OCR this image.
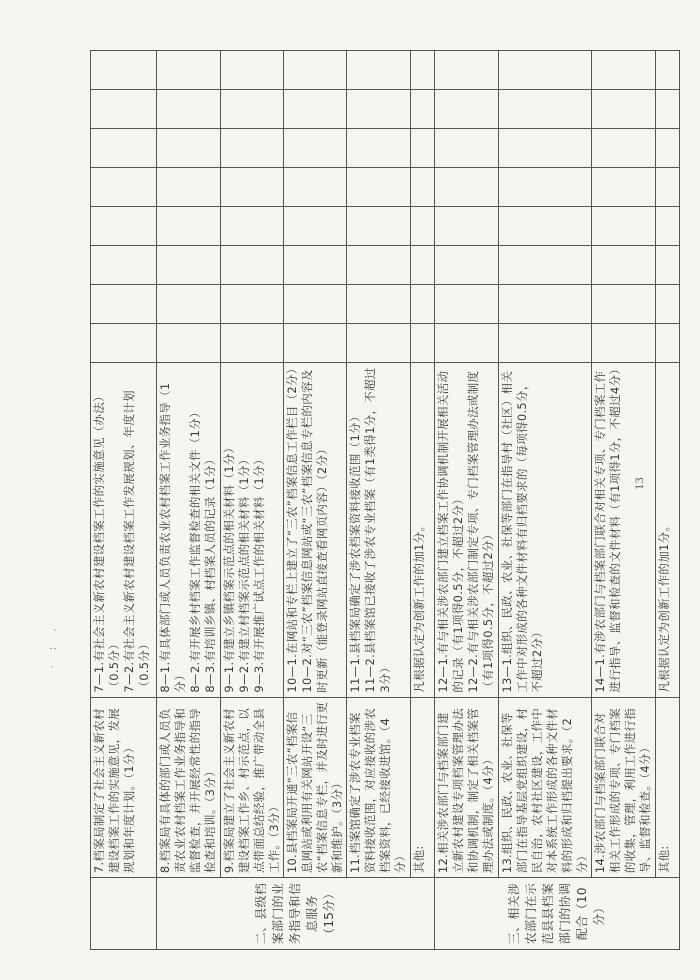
	7.档案局制定了社会主义新农村建设档案工作的实施意见，发展规划和年度计划。（1分）	7—1.有社会主义新农村建设档案工作的实施意见（办法）（0.5分） 7—2.有社会主义新农村建设档案工作发展规划、年度计划（0.5分）								

二、县级档案部门的业务指导和信息服务（15分）	8.档案局有具体的部门或人员负责农业农村档案工作业务指导和监督检查，并开展经常性的指导检查和培训。（3分）	8—1.有具体部门或人员负责农业农村档案工作业务指导（1分） 8—2.有开展乡村档案工作监督检查的相关文件（1分） 8—3.有培训乡镇、村档案人员的记录（1分）								

	9.档案局建立了社会主义新农村建设档案工作乡、村示范点，以点带面总结经验，推广带动全县工作。（3分）	9—1.有建立乡镇档案示范点的相关材料（1分） 9—2.有建立村档案示范点的相关材料（1分） 9—3.有开展推广试点工作的相关材料（1分）								

	10.县档案局开通“三农”档案信息网站或利用有关网站开设“三农”档案信息专栏，并及时进行更新和维护。（3分）	10—1.在网站和专栏上建立了“三农”档案信息工作栏目（2分） 10—2.对“三农”档案信息网站或“三农”档案信息专栏的内容及时更新（能登录网站直接查看网页内容）（2分）								

	11.档案馆确定了涉农专业档案资料接收范围，对应接收的涉农档案资料，已经接收进馆。（4分）	11—1.县档案局确定了涉农档案资料接收范围（1分） 11—2.县档案馆已接收了涉农专业档案（有1类得1分，不超过3分）								

	其他:	凡根据认定为创新工作的加1分。								
三、相关涉农部门在示范县县档案部门的协调配合（10分）	12.相关涉农部门与档案部门建立新农村建设专项档案管理办法和协调机制，制定了相关档案管理办法或制度。（4分）	12—1.有与相关涉农部门建立档案工作协调机制开展相关活动的记录（有1项得0.5分，不超过2分） 12—2.有与相关涉农部门制定专项、专门档案管理办法或制度（有1项得0.5分，不超过2分）								

	13.组织、民政、农业、社保等部门在指导基层党组织建设，村民自治，农村社区建设，工作中对本系统工作形成的各种文件材料的形成和归档提出要求。（2分）	13—1.组织、民政、农业、社保等部门在指导村（社区）相关工作中对形成的各种文件材料有归档要求的（每项得0.5分，不超过2分）								
	14.涉农部门与档案部门联合对相关工作形成的专项、专门档案的收集，管理，利用工作进行指导、监督和检查。（4分）	14—1.有涉农部门与档案部门联合对相关专项、专门档案工作进行指导、监督和检查的文件材料（有1项得1分，不超过4分）								
	其他:	凡根据认定为创新工作的加1分。								
13
· : .
